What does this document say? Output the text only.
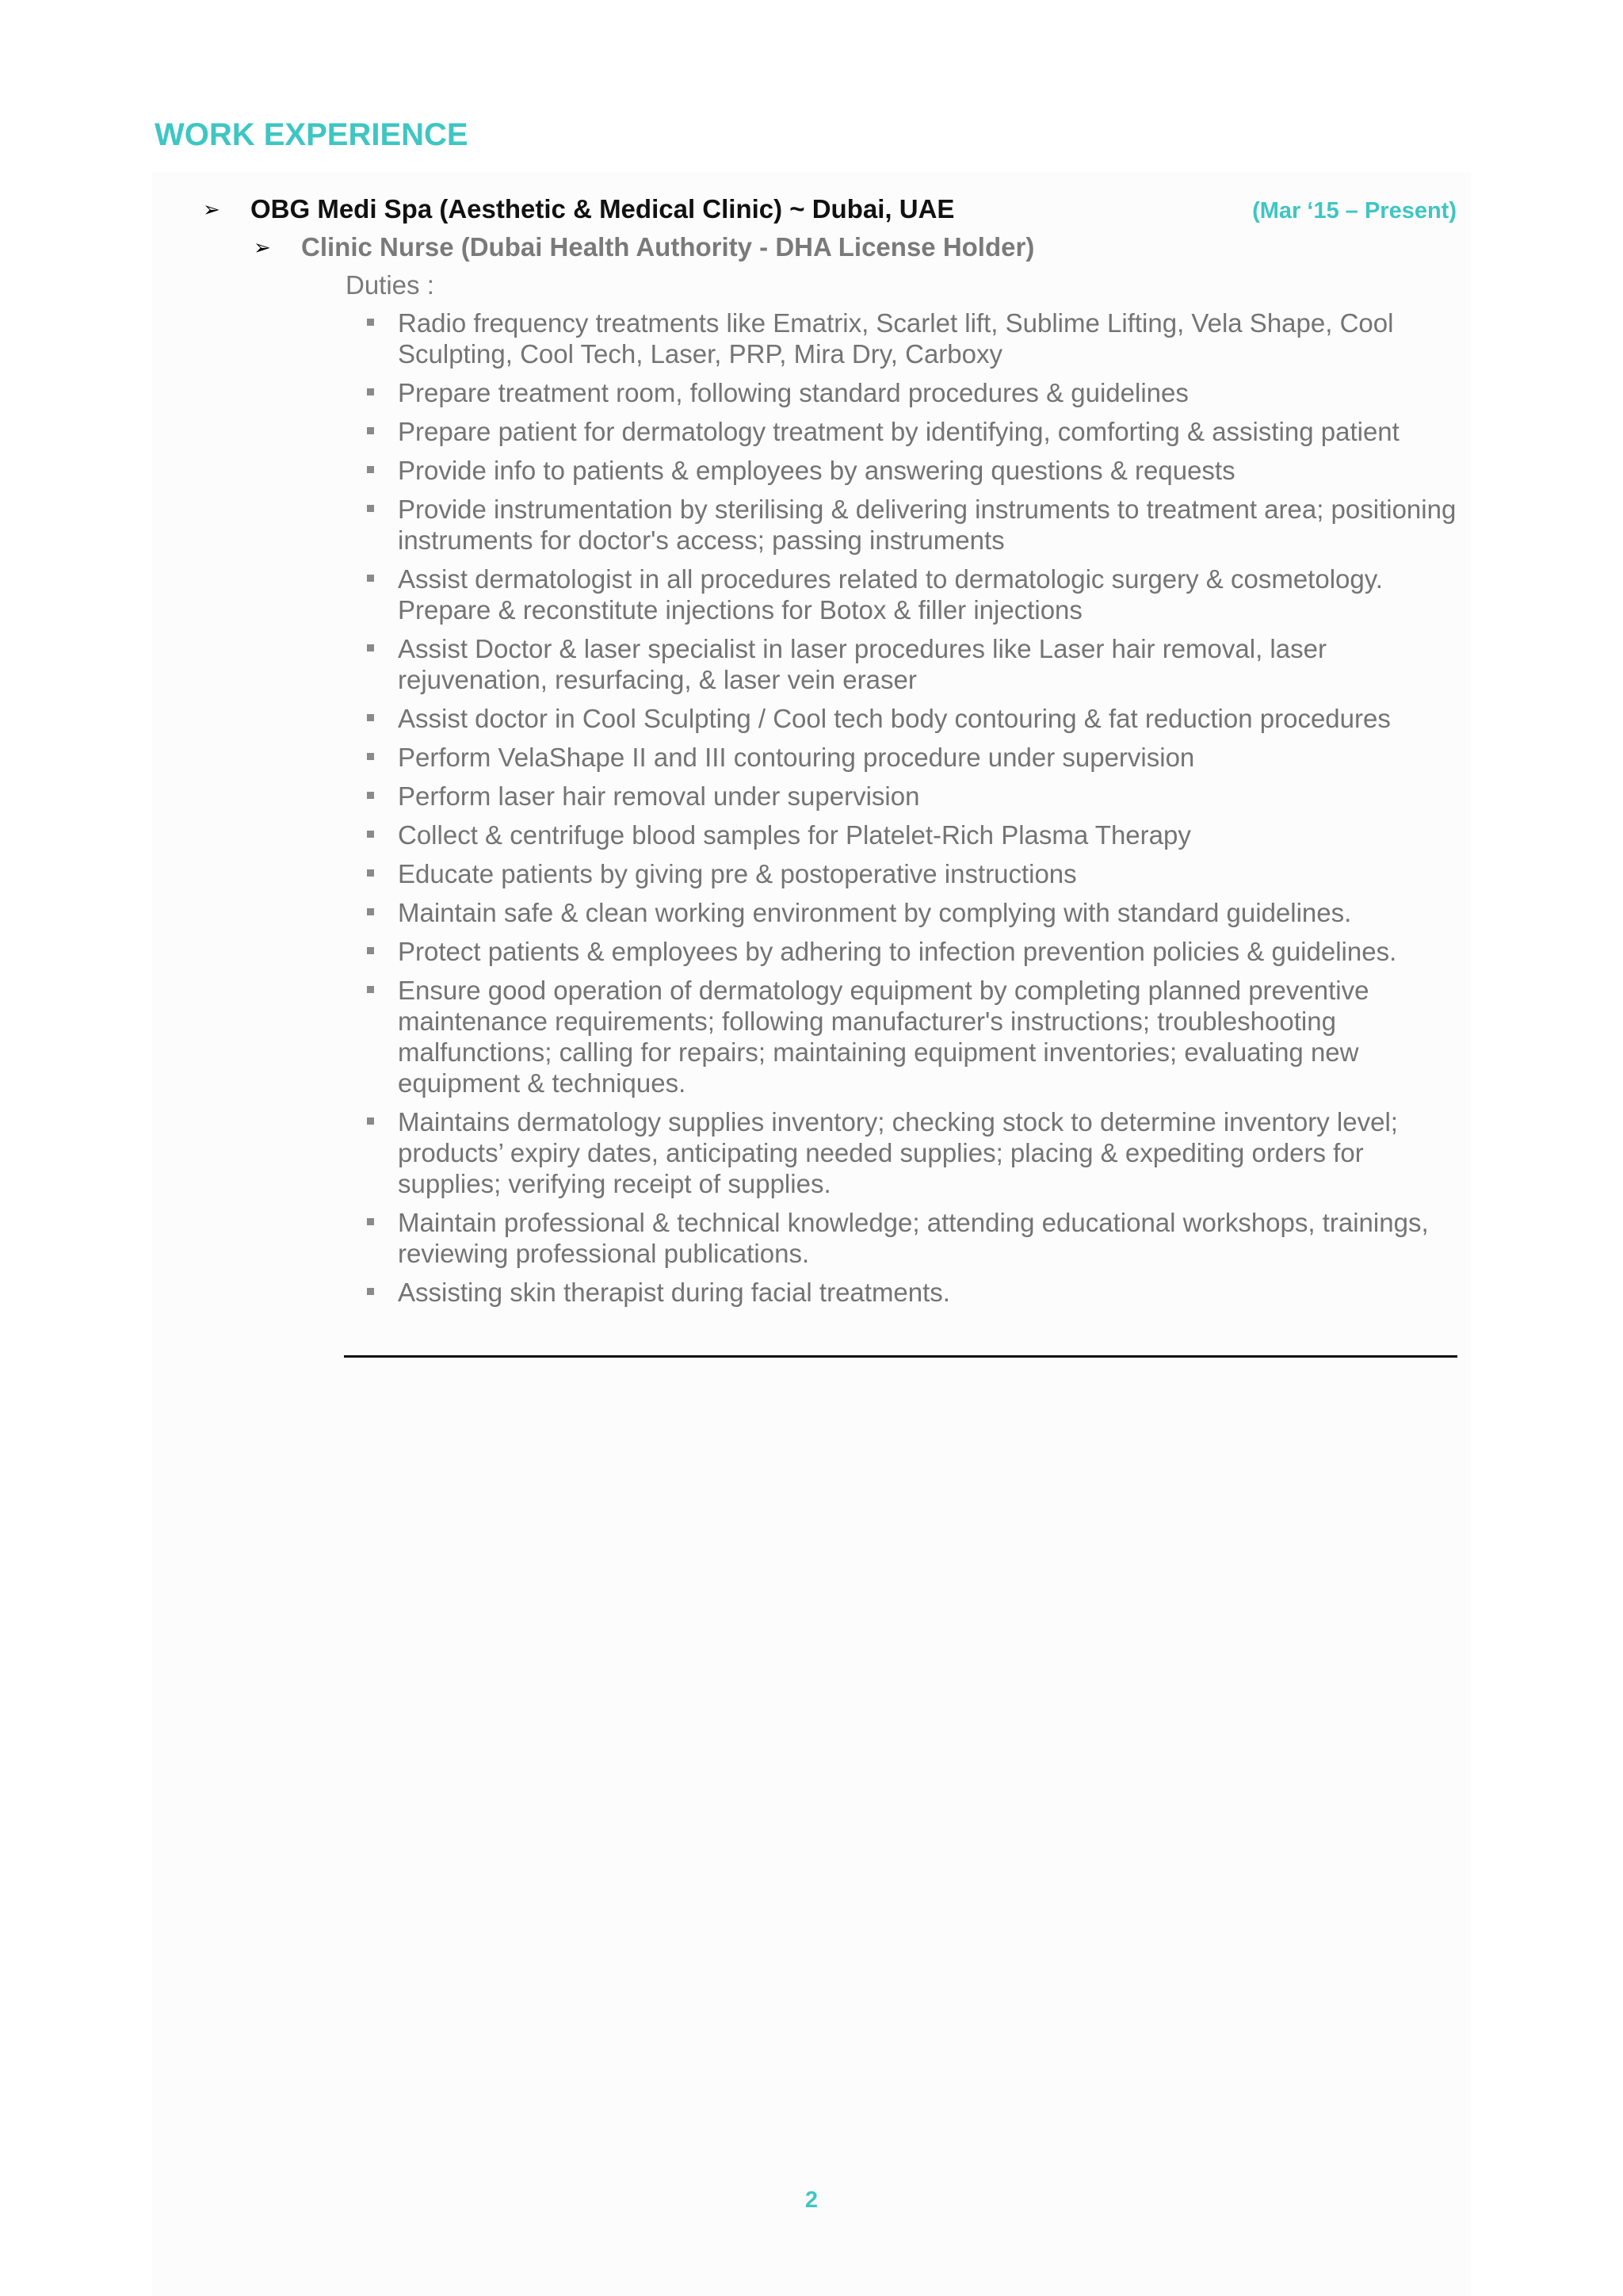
WORK EXPERIENCE
➢ OBG Medi Spa (Aesthetic & Medical Clinic) ~ Dubai, UAE	(Mar ‘15 – Present)
➢ Clinic Nurse (Dubai Health Authority - DHA License Holder)
Duties :
Radio frequency treatments like Ematrix, Scarlet lift, Sublime Lifting, Vela Shape, Cool Sculpting, Cool Tech, Laser, PRP, Mira Dry, Carboxy
Prepare treatment room, following standard procedures & guidelines
Prepare patient for dermatology treatment by identifying, comforting & assisting patient
Provide info to patients & employees by answering questions & requests
Provide instrumentation by sterilising & delivering instruments to treatment area; positioning instruments for doctor's access; passing instruments
Assist dermatologist in all procedures related to dermatologic surgery & cosmetology. Prepare & reconstitute injections for Botox & filler injections
Assist Doctor & laser specialist in laser procedures like Laser hair removal, laser rejuvenation, resurfacing, & laser vein eraser
Assist doctor in Cool Sculpting / Cool tech body contouring & fat reduction procedures
Perform VelaShape II and III contouring procedure under supervision
Perform laser hair removal under supervision
Collect & centrifuge blood samples for Platelet-Rich Plasma Therapy
Educate patients by giving pre & postoperative instructions
Maintain safe & clean working environment by complying with standard guidelines.
Protect patients & employees by adhering to infection prevention policies & guidelines.
Ensure good operation of dermatology equipment by completing planned preventive maintenance requirements; following manufacturer's instructions; troubleshooting malfunctions; calling for repairs; maintaining equipment inventories; evaluating new equipment & techniques.
Maintains dermatology supplies inventory; checking stock to determine inventory level; products’ expiry dates, anticipating needed supplies; placing & expediting orders for supplies; verifying receipt of supplies.
Maintain professional & technical knowledge; attending educational workshops, trainings, reviewing professional publications.
Assisting skin therapist during facial treatments.
2
